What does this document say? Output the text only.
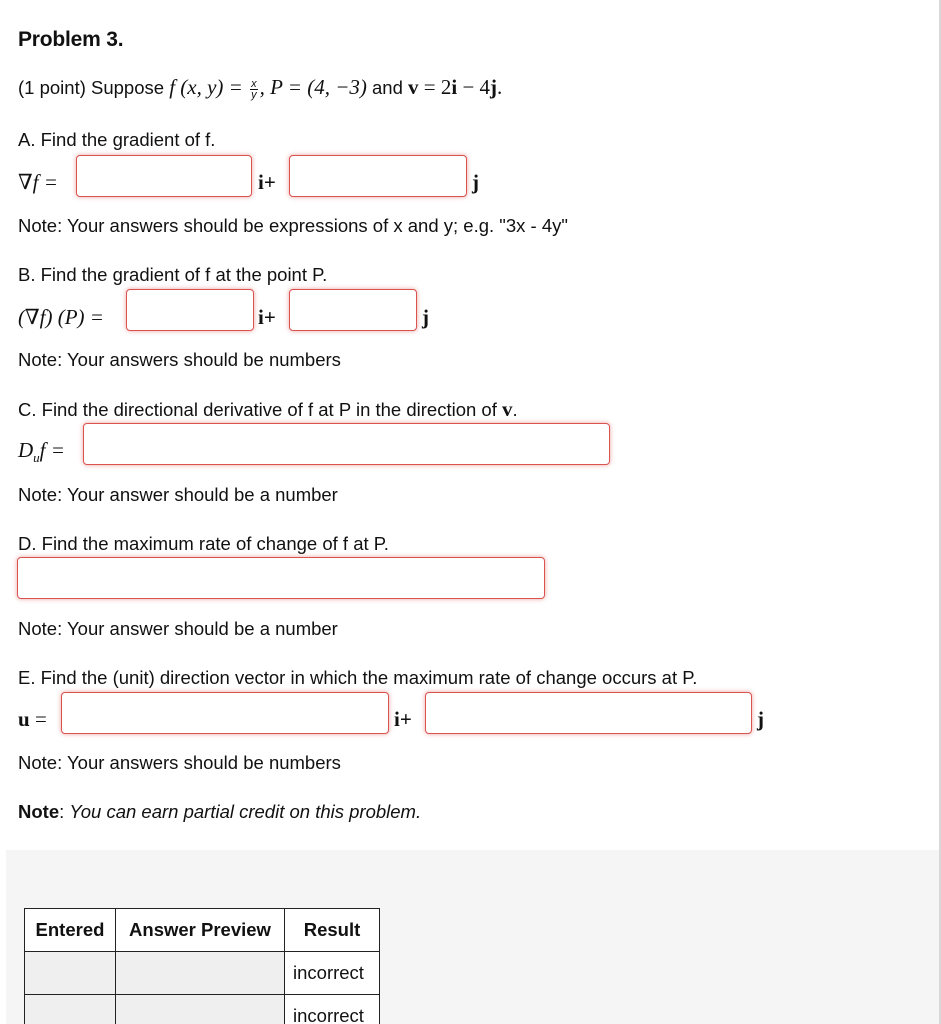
Problem 3.
(1 point) Suppose f (x, $y) = \frac{x}{y}$ , P = (4, −3) and v = 2i − 4j.
A. Find the gradient of f.
∇f =	i+	j
Note: Your answers should be expressions of x and y; e.g. "3x - 4y"
B. Find the gradient of f at the point P.
(∇f) (P) =	i+	j
Note: Your answers should be numbers
C. Find the directional derivative of f at P in the direction of v.
$D_uf$ =
Note: Your answer should be a number
D. Find the maximum rate of change of f at P.
Note: Your answer should be a number
E. Find the (unit) direction vector in which the maximum rate of change occurs at P.
u =	i+	j
Note: Your answers should be numbers
Note: You can earn partial credit on this problem.
Entered	Answer Preview	Result
		incorrect
		incorrect
